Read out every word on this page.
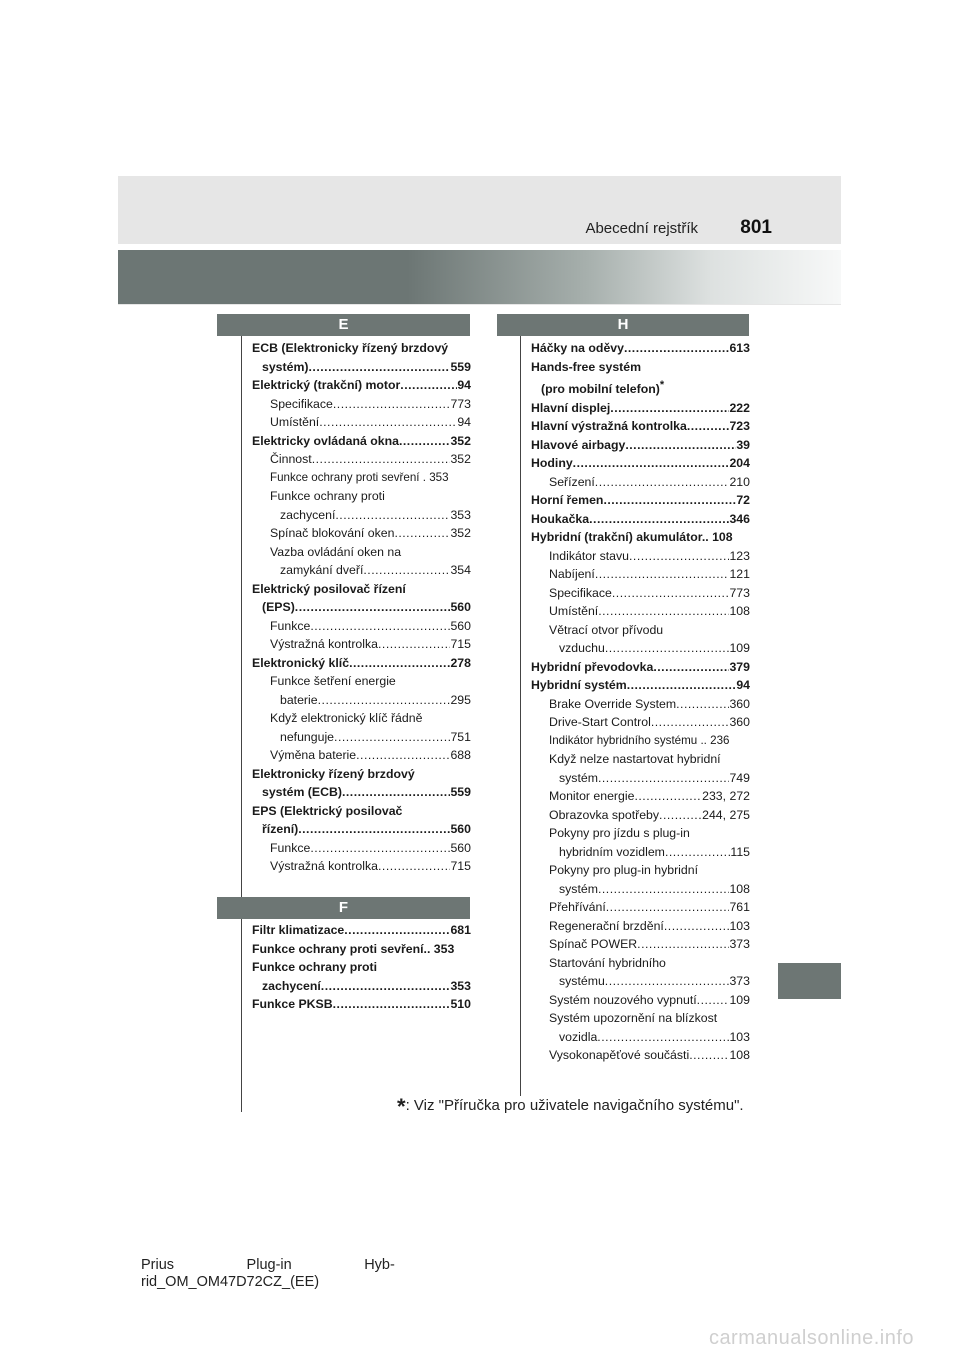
Abecední rejstřík 801
E
ECB (Elektronicky řízený brzdový
systém) .....	559
Elektrický (trakční) motor .....	94
Specifikace .....	773
Umístění .....	94
Elektricky ovládaná okna .....	352
Činnost .....	352
Funkce ochrany proti sevření .
353
Funkce ochrany proti
zachycení .....	353
Spínač blokování oken .....	352
Vazba ovládání oken na
zamykání dveří .....	354
Elektrický posilovač řízení
(EPS) .....	560
Funkce .....	560
Výstražná kontrolka .....	715
Elektronický klíč .....	278
Funkce šetření energie
baterie .....	295
Když elektronický klíč řádně
nefunguje .....	751
Výměna baterie .....	688
Elektronicky řízený brzdový
systém (ECB) .....	559
EPS (Elektrický posilovač
řízení) .....	560
Funkce .....	560
Výstražná kontrolka .....	715
F
Filtr klimatizace .....	681
Funkce ochrany proti sevření..
353
Funkce ochrany proti
zachycení .....	353
Funkce PKSB .....	510
H
Háčky na oděvy .....	613
Hands-free systém
(pro mobilní telefon)*
Hlavní displej .....	222
Hlavní výstražná kontrolka .....	723
Hlavové airbagy .....	39
Hodiny .....	204
Seřízení .....	210
Horní řemen .....	72
Houkačka .....	346
Hybridní (trakční) akumulátor..
108
Indikátor stavu .....	123
Nabíjení .....	121
Specifikace .....	773
Umístění .....	108
Větrací otvor přívodu
vzduchu .....	109
Hybridní převodovka .....	379
Hybridní systém .....	94
Brake Override System .....	360
Drive-Start Control .....	360
Indikátor hybridního systému ..
236
Když nelze nastartovat hybridní
systém .....	749
Monitor energie .....	233, 272
Obrazovka spotřeby .....	244, 275
Pokyny pro jízdu s plug-in
hybridním vozidlem .....	115
Pokyny pro plug-in hybridní
systém .....	108
Přehřívání .....	761
Regenerační brzdění .....	103
Spínač POWER .....	373
Startování hybridního
systému .....	373
Systém nouzového vypnutí .....	109
Systém upozornění na blízkost
vozidla .....	103
Vysokonapěťové součásti .....	108
*: Viz "Příručka pro uživatele navigačního systému".
Prius                  Plug-in                  Hyb-
rid_OM_OM47D72CZ_(EE)
carmanualsonline.info
